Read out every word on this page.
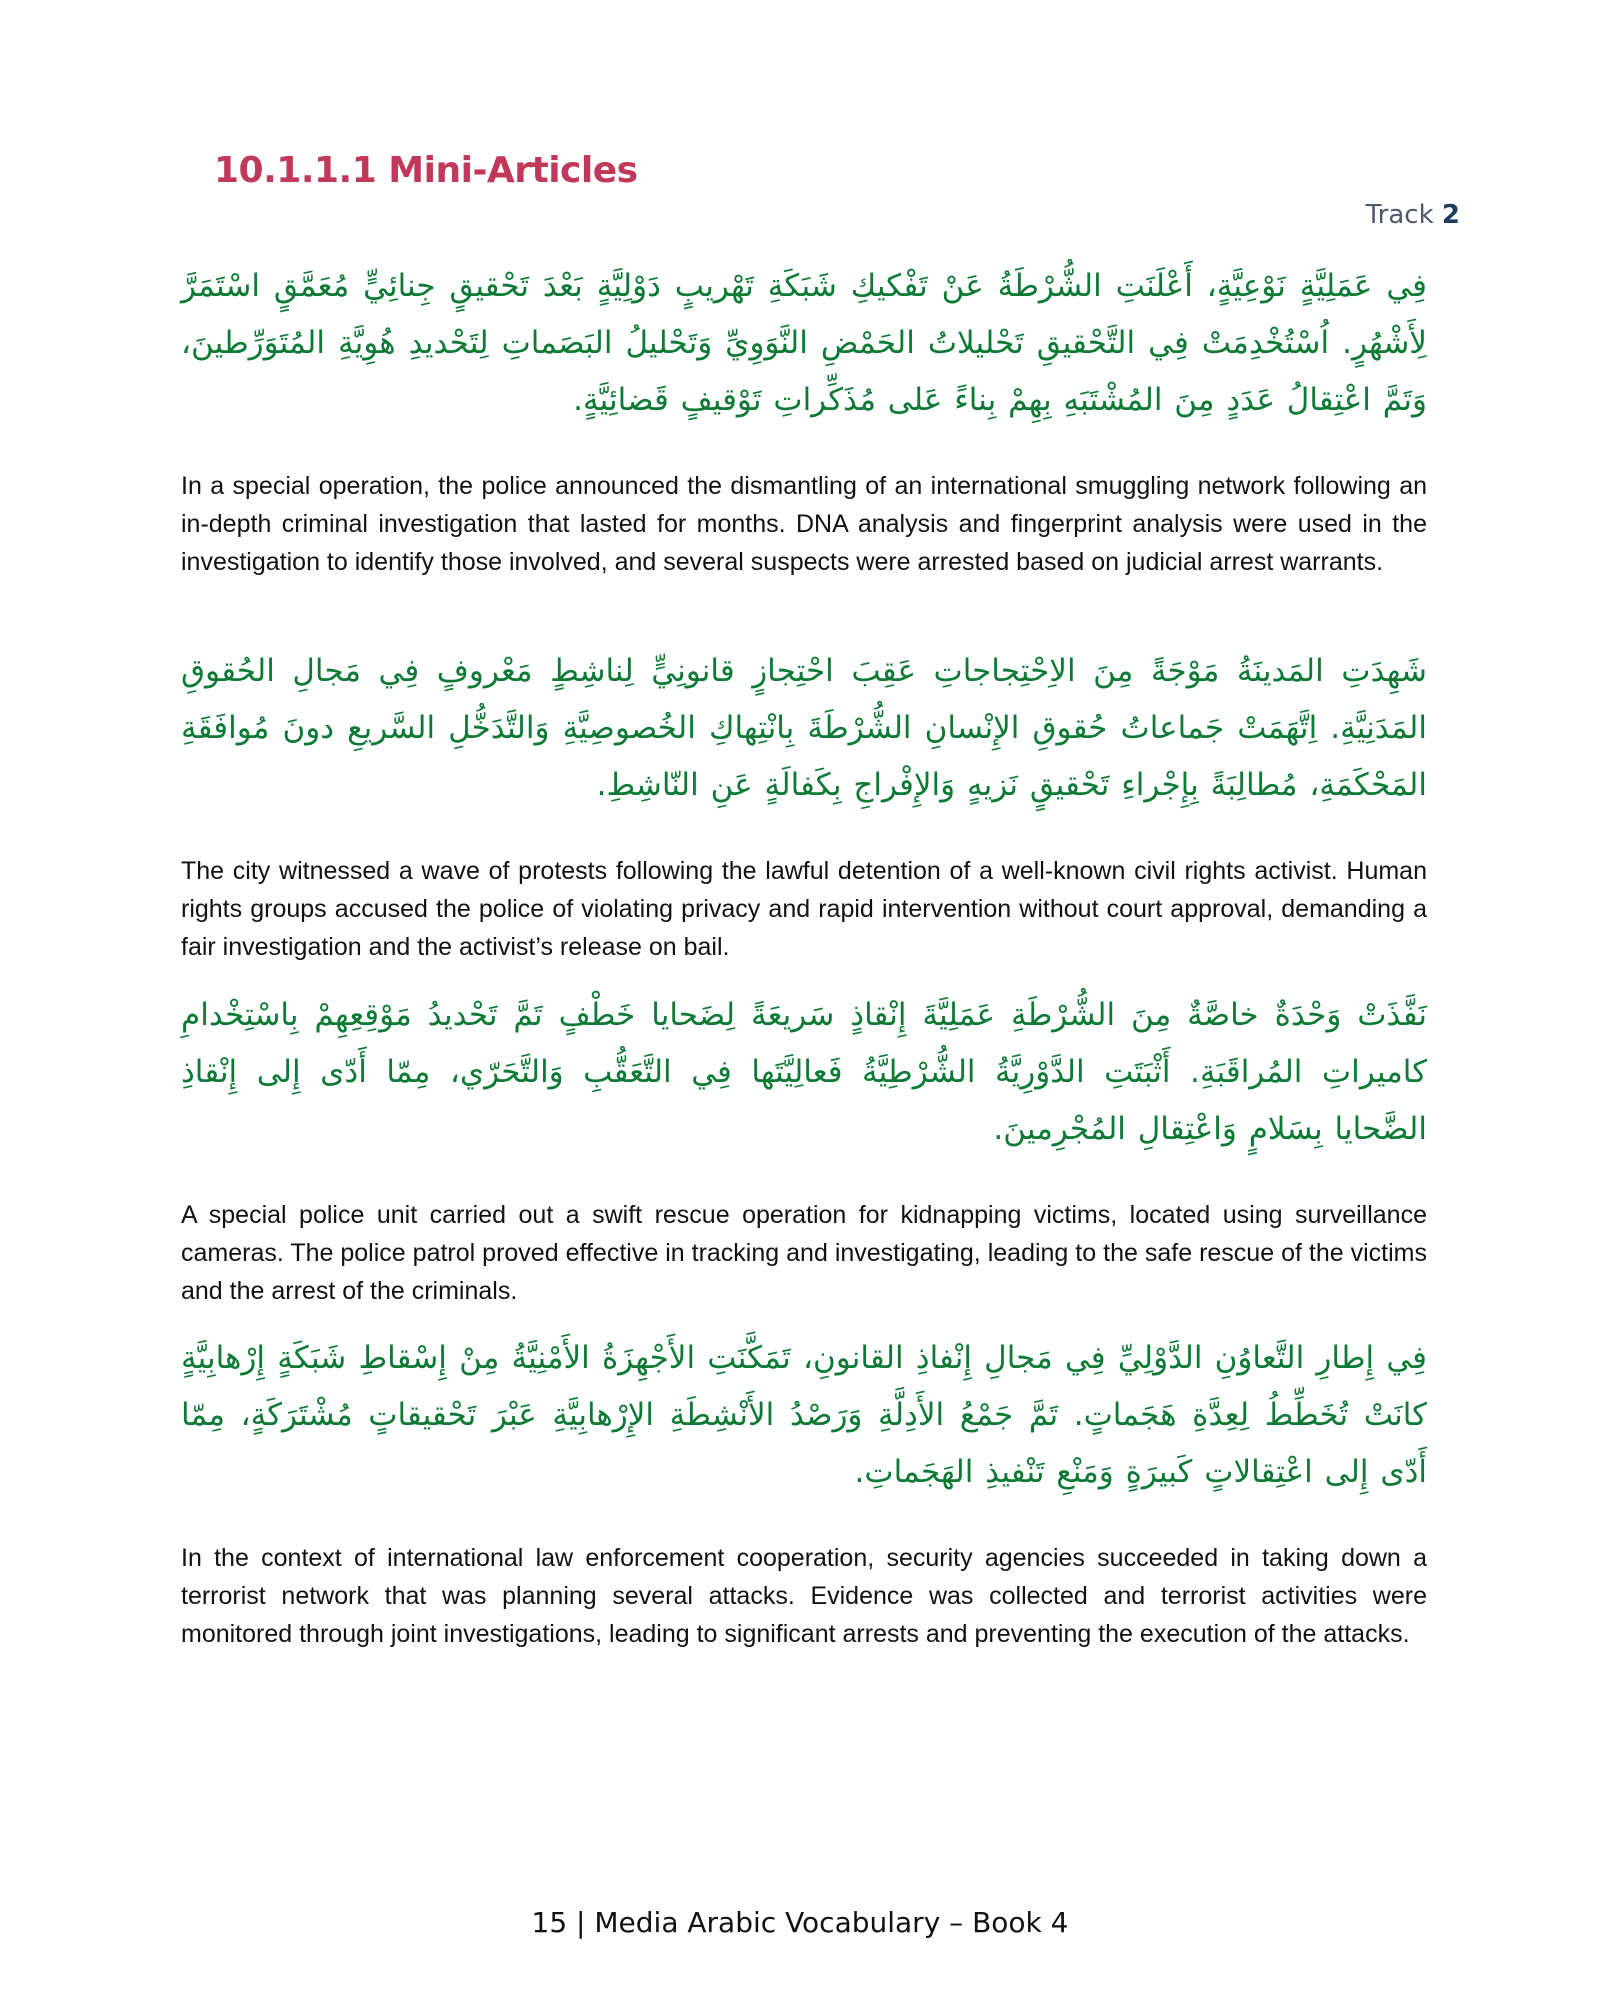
10.1.1.1 Mini-Articles
Track 2

فِي عَمَلِيَّةٍ نَوْعِيَّةٍ، أَعْلَنَتِ الشُّرْطَةُ عَنْ تَفْكيكِ شَبَكَةِ تَهْريبٍ دَوْلِيَّةٍ بَعْدَ تَحْقيقٍ جِنائِيٍّ مُعَمَّقٍ اسْتَمَرَّ لِأَشْهُرٍ. اُسْتُخْدِمَتْ فِي التَّحْقيقِ تَحْليلاتُ الحَمْضِ النَّوَوِيِّ وَتَحْليلُ البَصَماتِ لِتَحْديدِ هُوِيَّةِ المُتَوَرِّطينَ، وَتَمَّ اعْتِقالُ عَدَدٍ مِنَ المُشْتَبَهِ بِهِمْ بِناءً عَلى مُذَكِّراتِ تَوْقيفٍ قَضائِيَّةٍ.

In a special operation, the police announced the dismantling of an international smuggling network following an in-depth criminal investigation that lasted for months. DNA analysis and fingerprint analysis were used in the investigation to identify those involved, and several suspects were arrested based on judicial arrest warrants.

شَهِدَتِ المَدينَةُ مَوْجَةً مِنَ الاِحْتِجاجاتِ عَقِبَ احْتِجازٍ قانونِيٍّ لِناشِطٍ مَعْروفٍ فِي مَجالِ الحُقوقِ المَدَنِيَّةِ. اِتَّهَمَتْ جَماعاتُ حُقوقِ الإِنْسانِ الشُّرْطَةَ بِانْتِهاكِ الخُصوصِيَّةِ وَالتَّدَخُّلِ السَّريعِ دونَ مُوافَقَةِ المَحْكَمَةِ، مُطالِبَةً بِإِجْراءِ تَحْقيقٍ نَزيهٍ وَالإِفْراجِ بِكَفالَةٍ عَنِ النّاشِطِ.

The city witnessed a wave of protests following the lawful detention of a well-known civil rights activist. Human rights groups accused the police of violating privacy and rapid intervention without court approval, demanding a fair investigation and the activist’s release on bail.

نَفَّذَتْ وَحْدَةٌ خاصَّةٌ مِنَ الشُّرْطَةِ عَمَلِيَّةَ إِنْقاذٍ سَريعَةً لِضَحايا خَطْفٍ تَمَّ تَحْديدُ مَوْقِعِهِمْ بِاسْتِخْدامِ كاميراتِ المُراقَبَةِ. أَثْبَتَتِ الدَّوْرِيَّةُ الشُّرْطِيَّةُ فَعالِيَّتَها فِي التَّعَقُّبِ وَالتَّحَرّي، مِمّا أَدّى إِلى إِنْقاذِ الضَّحايا بِسَلامٍ وَاعْتِقالِ المُجْرِمينَ.

A special police unit carried out a swift rescue operation for kidnapping victims, located using surveillance cameras. The police patrol proved effective in tracking and investigating, leading to the safe rescue of the victims and the arrest of the criminals.

فِي إِطارِ التَّعاوُنِ الدَّوْلِيِّ فِي مَجالِ إِنْفاذِ القانونِ، تَمَكَّنَتِ الأَجْهِزَةُ الأَمْنِيَّةُ مِنْ إِسْقاطِ شَبَكَةٍ إِرْهابِيَّةٍ كانَتْ تُخَطِّطُ لِعِدَّةِ هَجَماتٍ. تَمَّ جَمْعُ الأَدِلَّةِ وَرَصْدُ الأَنْشِطَةِ الإِرْهابِيَّةِ عَبْرَ تَحْقيقاتٍ مُشْتَرَكَةٍ، مِمّا أَدّى إِلى اعْتِقالاتٍ كَبيرَةٍ وَمَنْعِ تَنْفيذِ الهَجَماتِ.

In the context of international law enforcement cooperation, security agencies succeeded in taking down a terrorist network that was planning several attacks. Evidence was collected and terrorist activities were monitored through joint investigations, leading to significant arrests and preventing the execution of the attacks.

15 | Media Arabic Vocabulary – Book 4
